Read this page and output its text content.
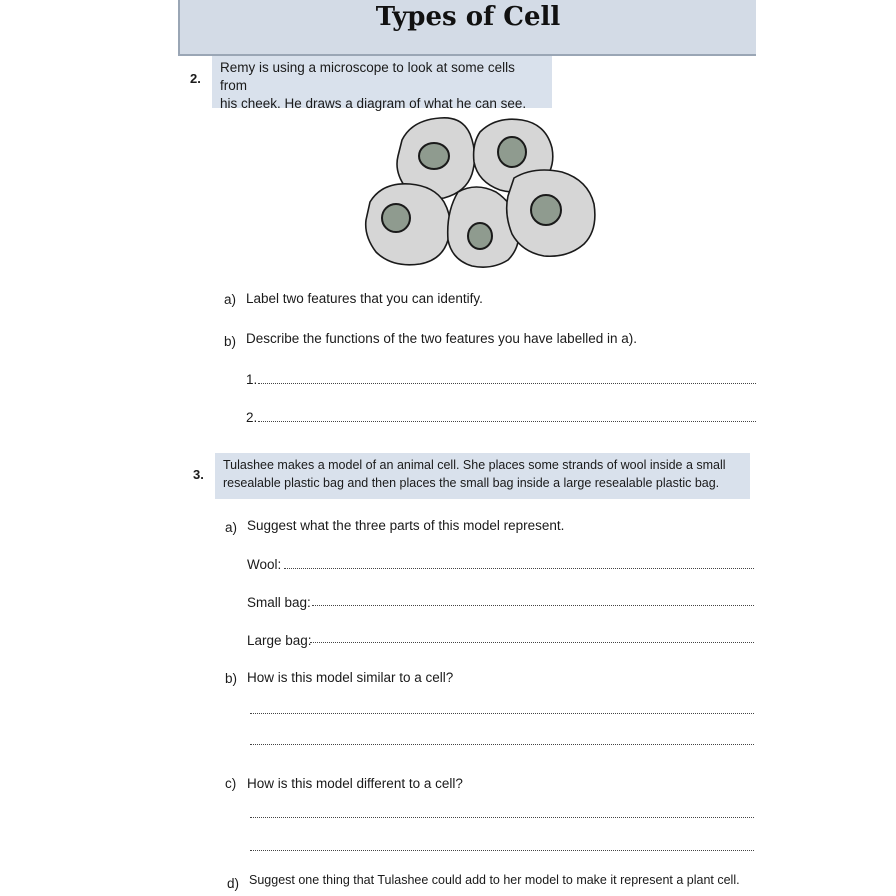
Types of Cell
2.
Remy is using a microscope to look at some cells from
his cheek. He draws a diagram of what he can see.
a) Label two features that you can identify.
b) Describe the functions of the two features you have labelled in a).
1.
2.
3.
Tulashee makes a model of an animal cell. She places some strands of wool inside a small
resealable plastic bag and then places the small bag inside a large resealable plastic bag.
a) Suggest what the three parts of this model represent.
Wool:
Small bag:
Large bag:
b) How is this model similar to a cell?
c) How is this model different to a cell?
d) Suggest one thing that Tulashee could add to her model to make it represent a plant cell.
